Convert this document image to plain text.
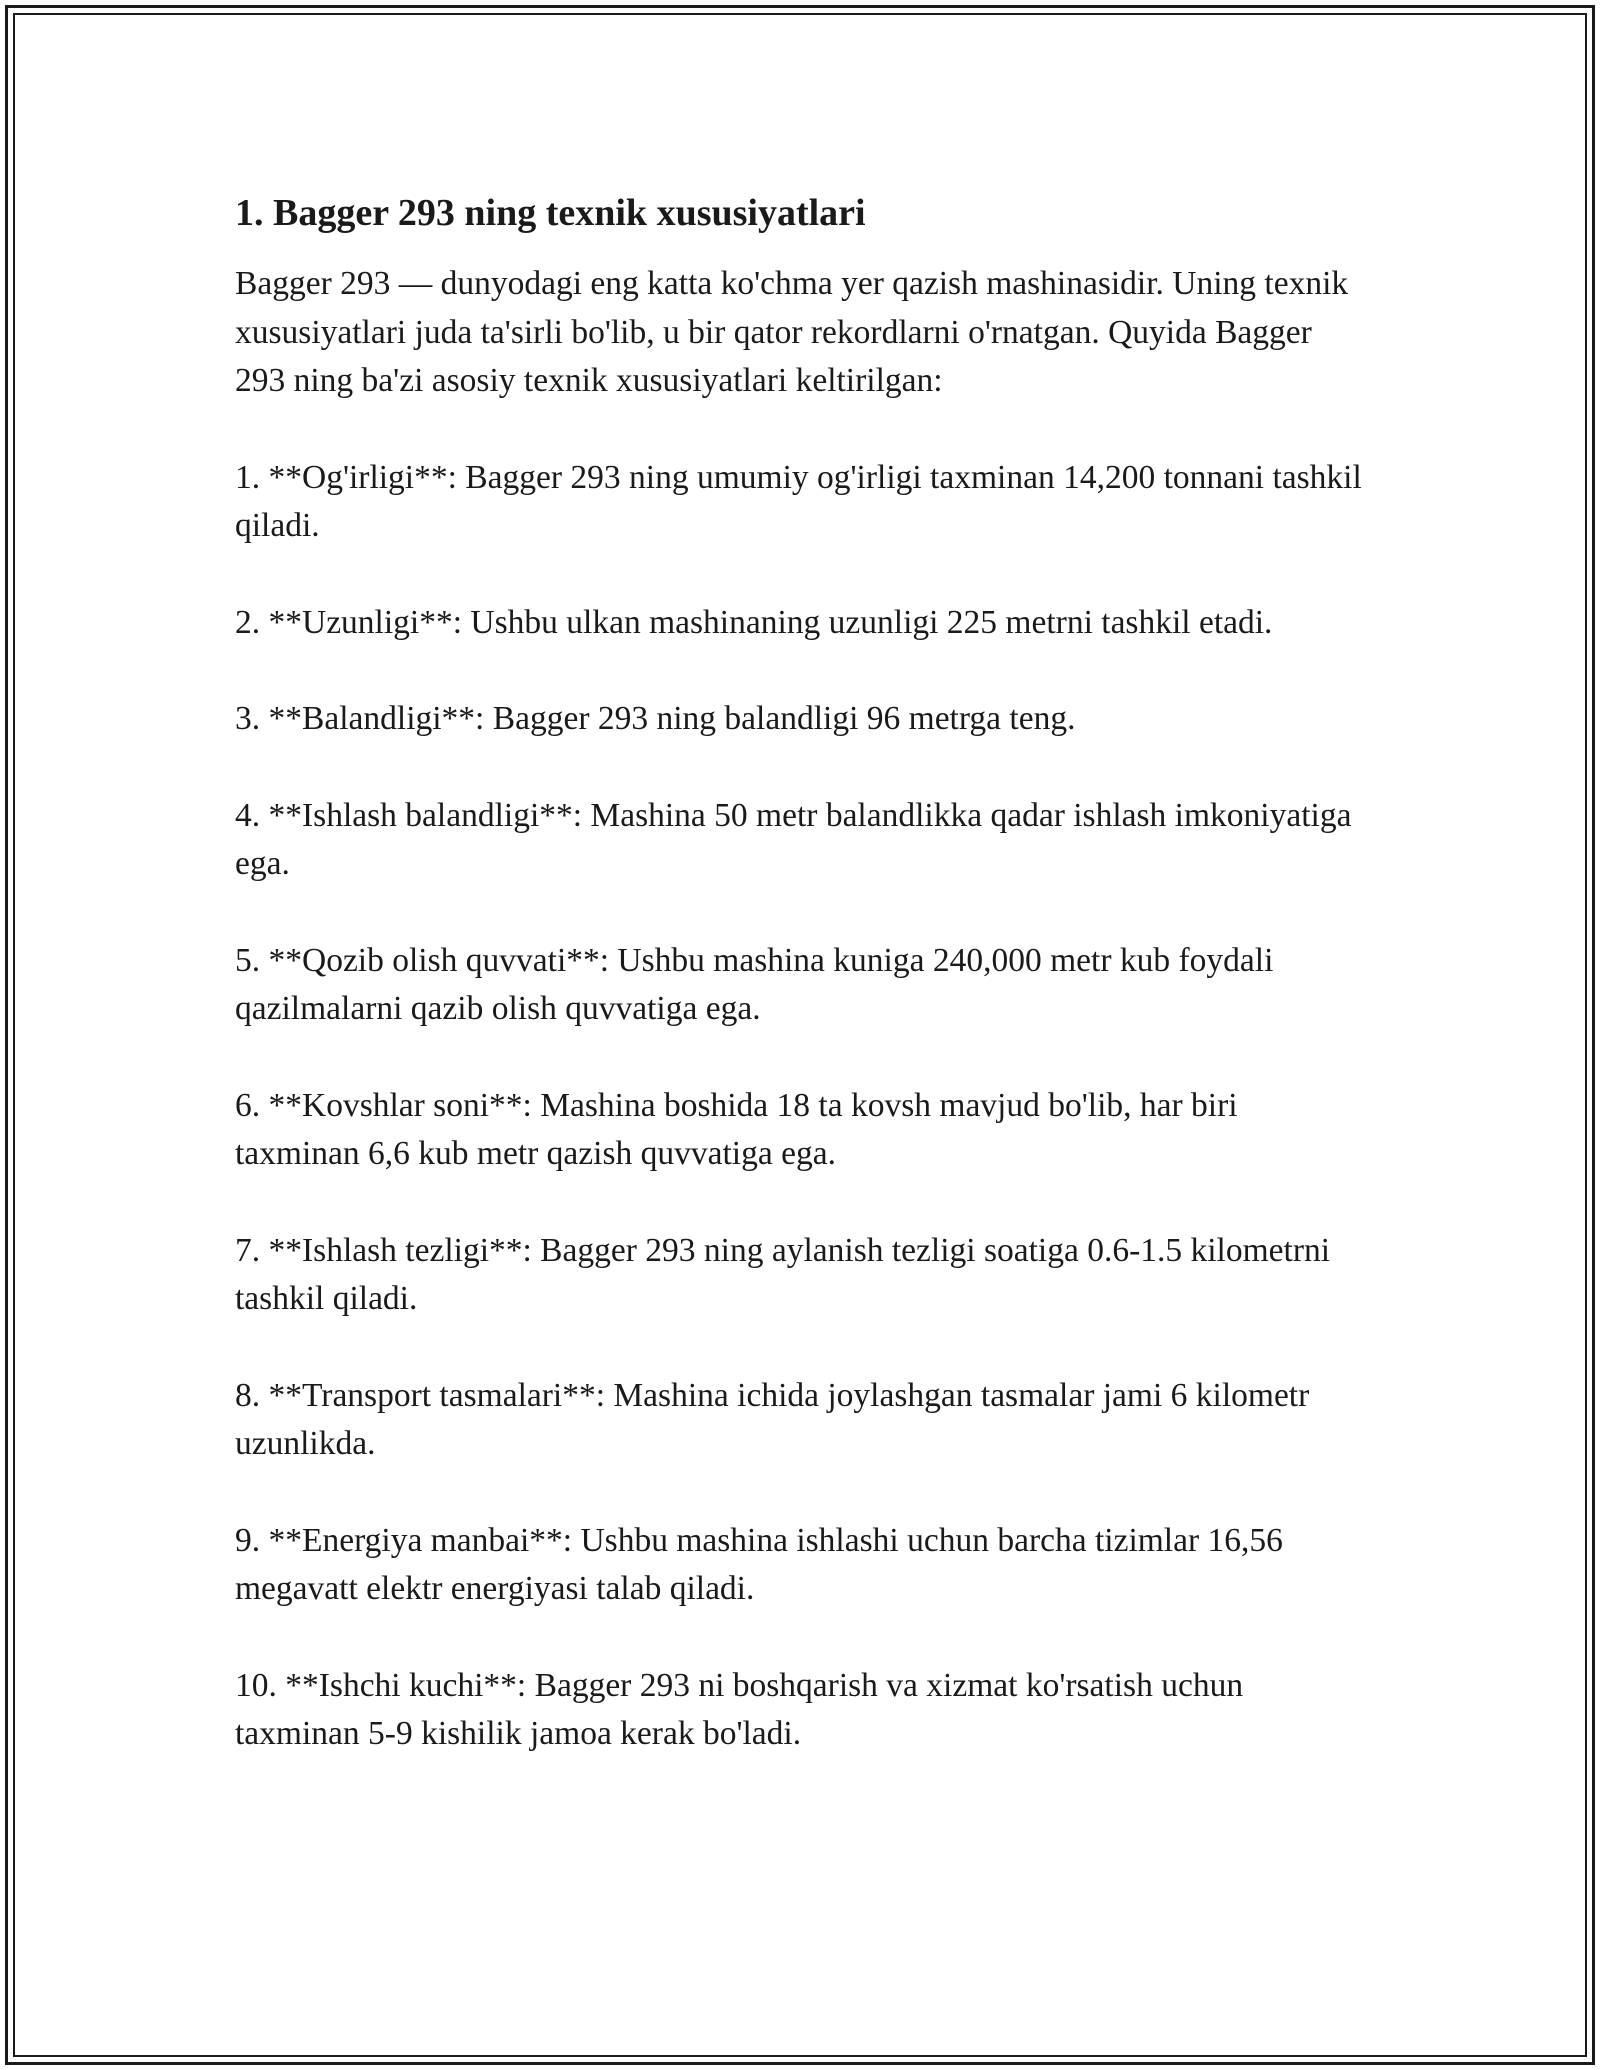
1. Bagger 293 ning texnik xususiyatlari

Bagger 293 — dunyodagi eng katta ko'chma yer qazish mashinasidir. Uning texnik xususiyatlari juda ta'sirli bo'lib, u bir qator rekordlarni o'rnatgan. Quyida Bagger 293 ning ba'zi asosiy texnik xususiyatlari keltirilgan:

1. **Og'irligi**: Bagger 293 ning umumiy og'irligi taxminan 14,200 tonnani tashkil qiladi.

2. **Uzunligi**: Ushbu ulkan mashinaning uzunligi 225 metrni tashkil etadi.

3. **Balandligi**: Bagger 293 ning balandligi 96 metrga teng.

4. **Ishlash balandligi**: Mashina 50 metr balandlikka qadar ishlash imkoniyatiga ega.

5. **Qozib olish quvvati**: Ushbu mashina kuniga 240,000 metr kub foydali qazilmalarni qazib olish quvvatiga ega.

6. **Kovshlar soni**: Mashina boshida 18 ta kovsh mavjud bo'lib, har biri taxminan 6,6 kub metr qazish quvvatiga ega.

7. **Ishlash tezligi**: Bagger 293 ning aylanish tezligi soatiga 0.6-1.5 kilometrni tashkil qiladi.

8. **Transport tasmalari**: Mashina ichida joylashgan tasmalar jami 6 kilometr uzunlikda.

9. **Energiya manbai**: Ushbu mashina ishlashi uchun barcha tizimlar 16,56 megavatt elektr energiyasi talab qiladi.

10. **Ishchi kuchi**: Bagger 293 ni boshqarish va xizmat ko'rsatish uchun taxminan 5-9 kishilik jamoa kerak bo'ladi.
